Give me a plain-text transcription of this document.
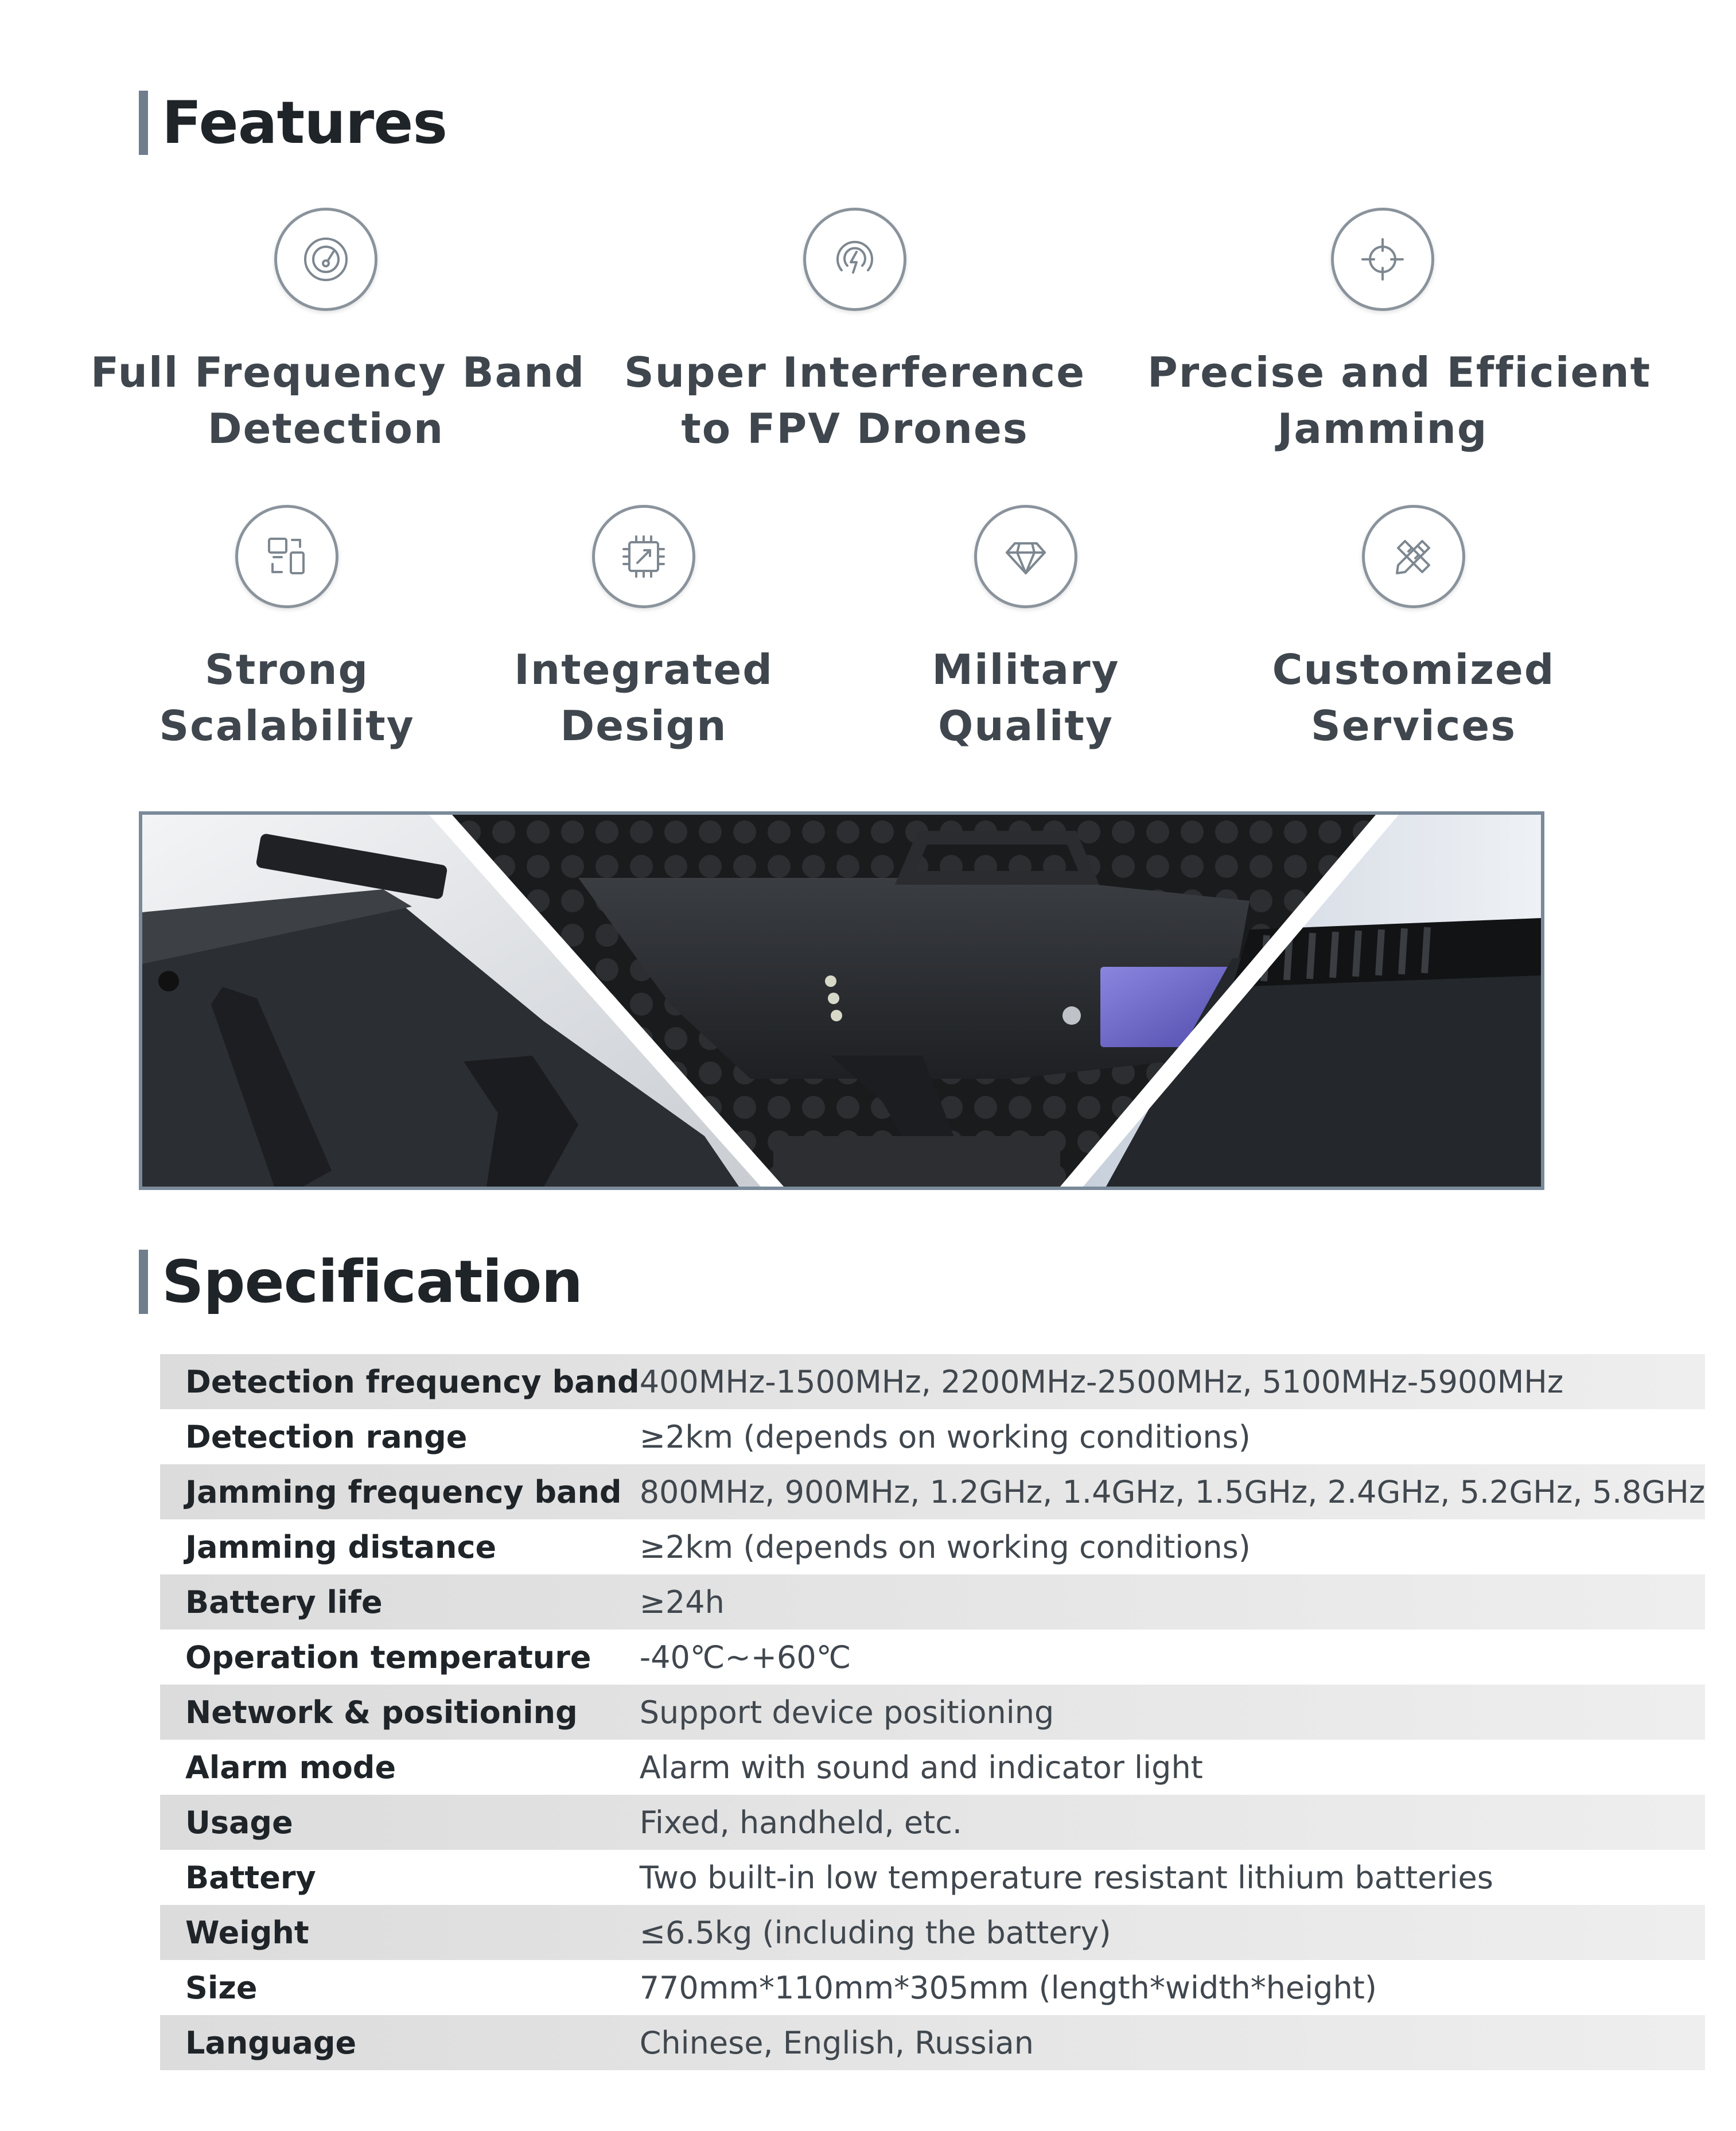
Features
Full Frequency Band
Detection
Super Interference
to FPV Drones
Precise and Efficient
Jamming
Strong
Scalability
Integrated
Design
Military
Quality
Customized
Services
Specification
Detection frequency band	400MHz-1500MHz, 2200MHz-2500MHz, 5100MHz-5900MHz
Detection range	≥2km (depends on working conditions)
Jamming frequency band	800MHz, 900MHz, 1.2GHz, 1.4GHz, 1.5GHz, 2.4GHz, 5.2GHz, 5.8GHz
Jamming distance	≥2km (depends on working conditions)
Battery life	≥24h
Operation temperature	-40℃~+60℃
Network & positioning	Support device positioning
Alarm mode	Alarm with sound and indicator light
Usage	Fixed, handheld, etc.
Battery	Two built-in low temperature resistant lithium batteries
Weight	≤6.5kg (including the battery)
Size	770mm*110mm*305mm (length*width*height)
Language	Chinese, English, Russian
